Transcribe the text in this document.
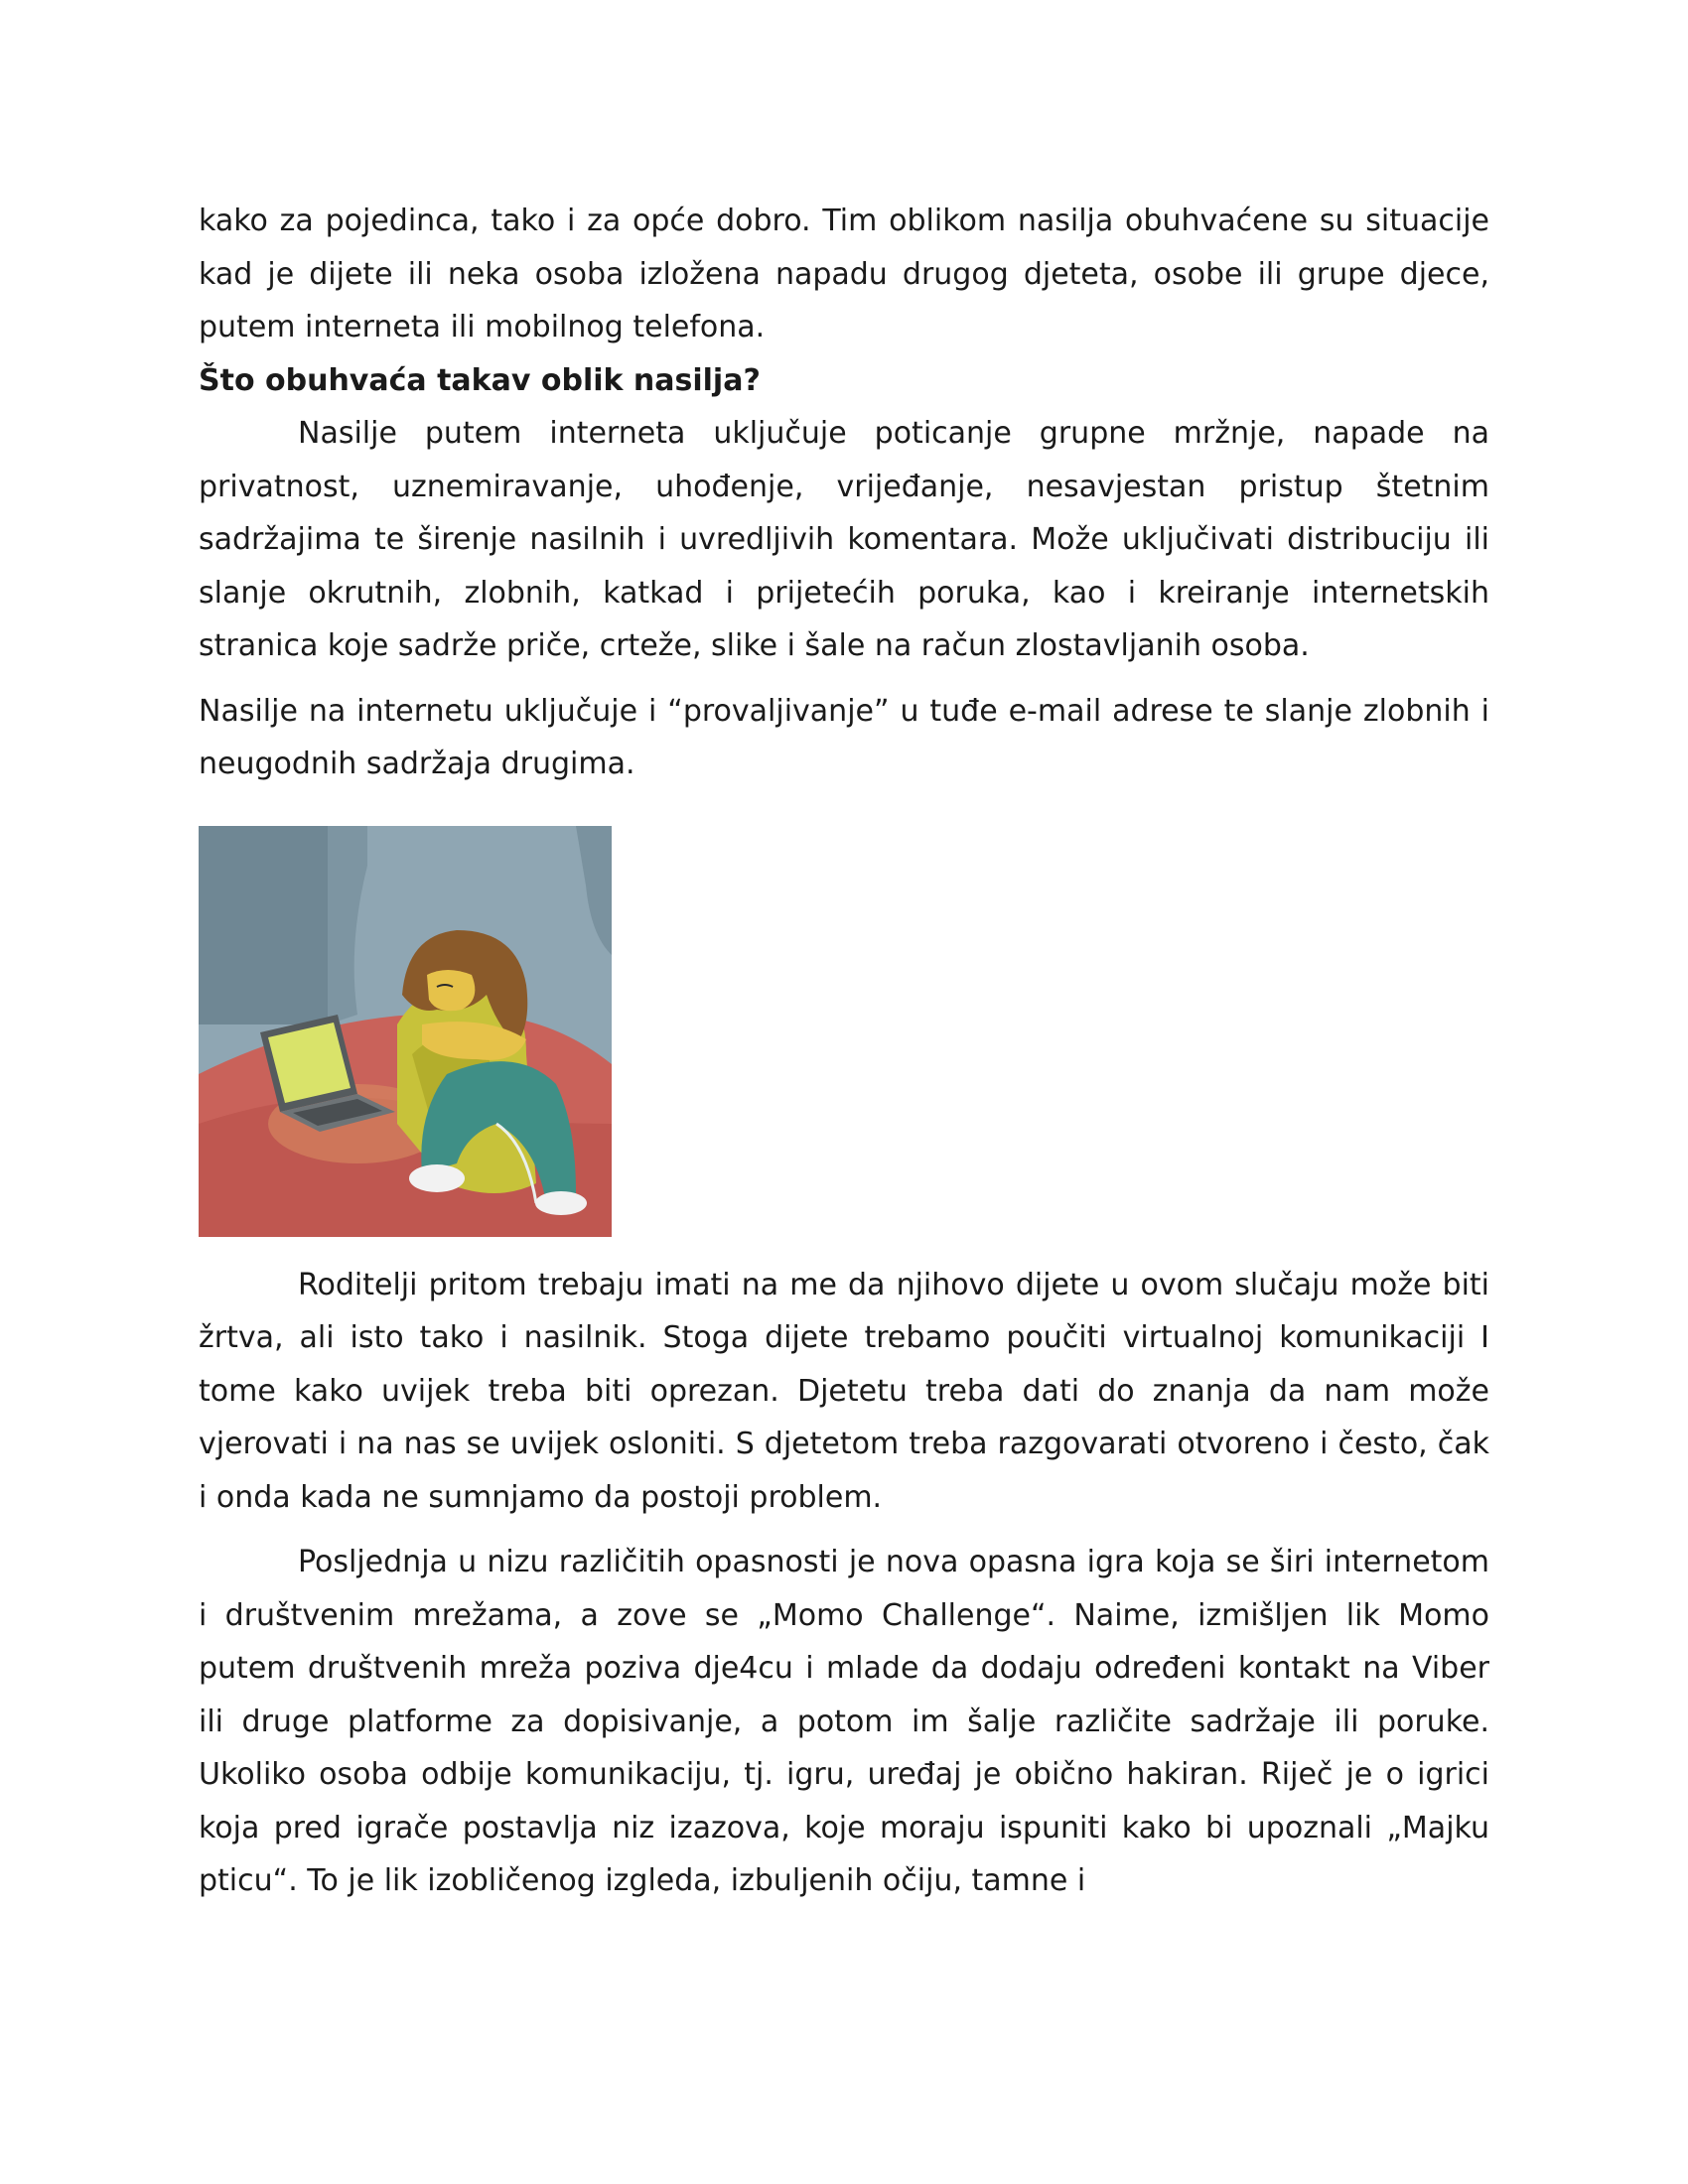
kako za pojedinca, tako i za opće dobro. Tim oblikom nasilja obuhvaćene su situacije kad je dijete ili neka osoba izložena napadu drugog djeteta, osobe ili grupe djece, putem interneta ili mobilnog telefona.

Što obuhvaća takav oblik nasilja?

Nasilje putem interneta uključuje poticanje grupne mržnje, napade na privatnost, uznemiravanje, uhođenje, vrijeđanje, nesavjestan pristup štetnim sadržajima te širenje nasilnih i uvredljivih komentara. Može uključivati distribuciju ili slanje okrutnih, zlobnih, katkad i prijetećih poruka, kao i kreiranje internetskih stranica koje sadrže priče, crteže, slike i šale na račun zlostavljanih osoba.

Nasilje na internetu uključuje i “provaljivanje” u tuđe e-mail adrese te slanje zlobnih i neugodnih sadržaja drugima.

Roditelji pritom trebaju imati na me da njihovo dijete u ovom slučaju može biti žrtva, ali isto tako i nasilnik. Stoga dijete trebamo poučiti virtualnoj komunikaciji I tome kako uvijek treba biti oprezan. Djetetu treba dati do znanja da nam može vjerovati i na nas se uvijek osloniti. S djetetom treba razgovarati otvoreno i često, čak i onda kada ne sumnjamo da postoji problem.

Posljednja u nizu različitih opasnosti je nova opasna igra koja se širi internetom i društvenim mrežama, a zove se „Momo Challenge“. Naime, izmišljen lik Momo putem društvenih mreža poziva dje4cu i mlade da dodaju određeni kontakt na Viber ili druge platforme za dopisivanje, a potom im šalje različite sadržaje ili poruke. Ukoliko osoba odbije komunikaciju, tj. igru, uređaj je obično hakiran. Riječ je o igrici koja pred igrače postavlja niz izazova, koje moraju ispuniti kako bi upoznali „Majku pticu“. To je lik izobličenog izgleda, izbuljenih očiju, tamne i
